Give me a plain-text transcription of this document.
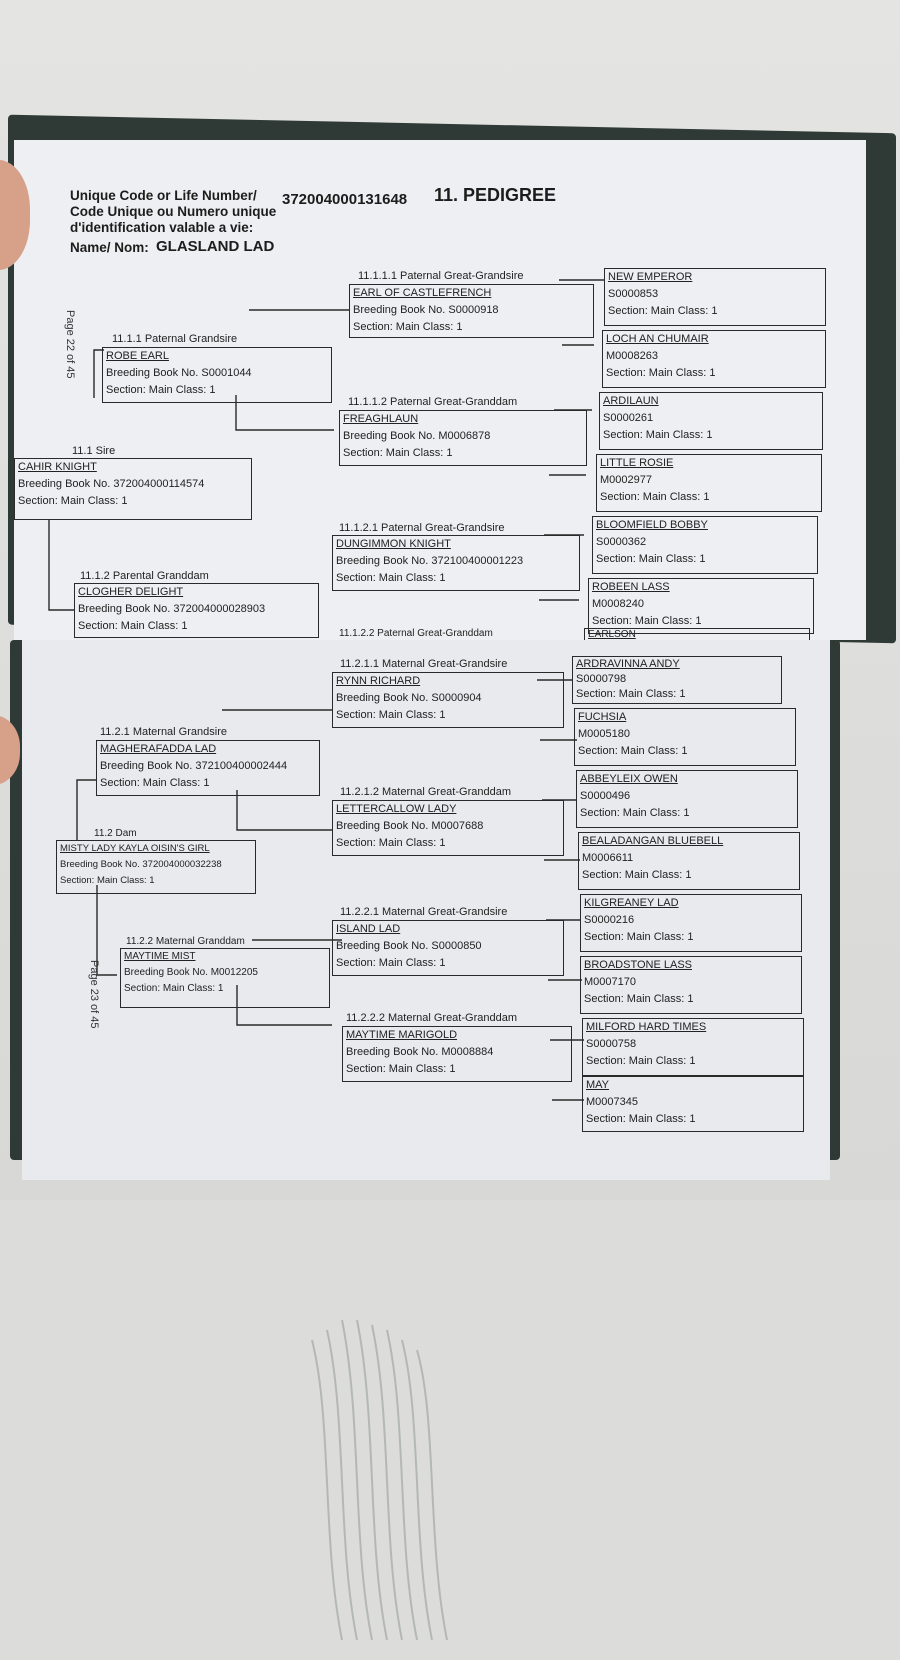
Unique Code or Life Number/ Code Unique ou Numero unique d'identification valable a vie:
372004000131648 11. PEDIGREE
Name/ Nom: GLASLAND LAD
Page 22 of 45
11.1.1.1 Paternal Great-Grandsire
EARL OF CASTLEFRENCH
Breeding Book No. S0000918
Section: Main Class: 1
11.1.1.2 Paternal Great-Granddam
FREAGHLAUN
Breeding Book No. M0006878
Section: Main Class: 1
11.1.2.1 Paternal Great-Grandsire
DUNGIMMON KNIGHT
Breeding Book No. 372100400001223
Section: Main Class: 1
11.1.2.2 Paternal Great-Granddam
11.1.1 Paternal Grandsire
ROBE EARL
Breeding Book No. S0001044
Section: Main Class: 1
11.1.2 Parental Granddam
CLOGHER DELIGHT
Breeding Book No. 372004000028903
Section: Main Class: 1
11.1 Sire
CAHIR KNIGHT
Breeding Book No. 372004000114574
Section: Main Class: 1
NEW EMPEROR
S0000853
Section: Main Class: 1
LOCH AN CHUMAIR
M0008263
Section: Main Class: 1
ARDILAUN
S0000261
Section: Main Class: 1
LITTLE ROSIE
M0002977
Section: Main Class: 1
BLOOMFIELD BOBBY
S0000362
Section: Main Class: 1
ROBEEN LASS
M0008240
Section: Main Class: 1
EARLSON
Page 23 of 45
11.2.1 Maternal Grandsire
MAGHERAFADDA LAD
Breeding Book No. 372100400002444
Section: Main Class: 1
11.2.2 Maternal Granddam
MAYTIME MIST
Breeding Book No. M0012205
Section: Main Class: 1
11.2 Dam
MISTY LADY KAYLA OISIN'S GIRL
Breeding Book No. 372004000032238
Section: Main Class: 1
11.2.1.1 Maternal Great-Grandsire
RYNN RICHARD
Breeding Book No. S0000904
Section: Main Class: 1
11.2.1.2 Maternal Great-Granddam
LETTERCALLOW LADY
Breeding Book No. M0007688
Section: Main Class: 1
11.2.2.1 Maternal Great-Grandsire
ISLAND LAD
Breeding Book No. S0000850
Section: Main Class: 1
11.2.2.2 Maternal Great-Granddam
MAYTIME MARIGOLD
Breeding Book No. M0008884
Section: Main Class: 1
ARDRAVINNA ANDY
S0000798
Section: Main Class: 1
FUCHSIA
M0005180
Section: Main Class: 1
ABBEYLEIX OWEN
S0000496
Section: Main Class: 1
BEALADANGAN BLUEBELL
M0006611
Section: Main Class: 1
KILGREANEY LAD
S0000216
Section: Main Class: 1
BROADSTONE LASS
M0007170
Section: Main Class: 1
MILFORD HARD TIMES
S0000758
Section: Main Class: 1
MAY
M0007345
Section: Main Class: 1
